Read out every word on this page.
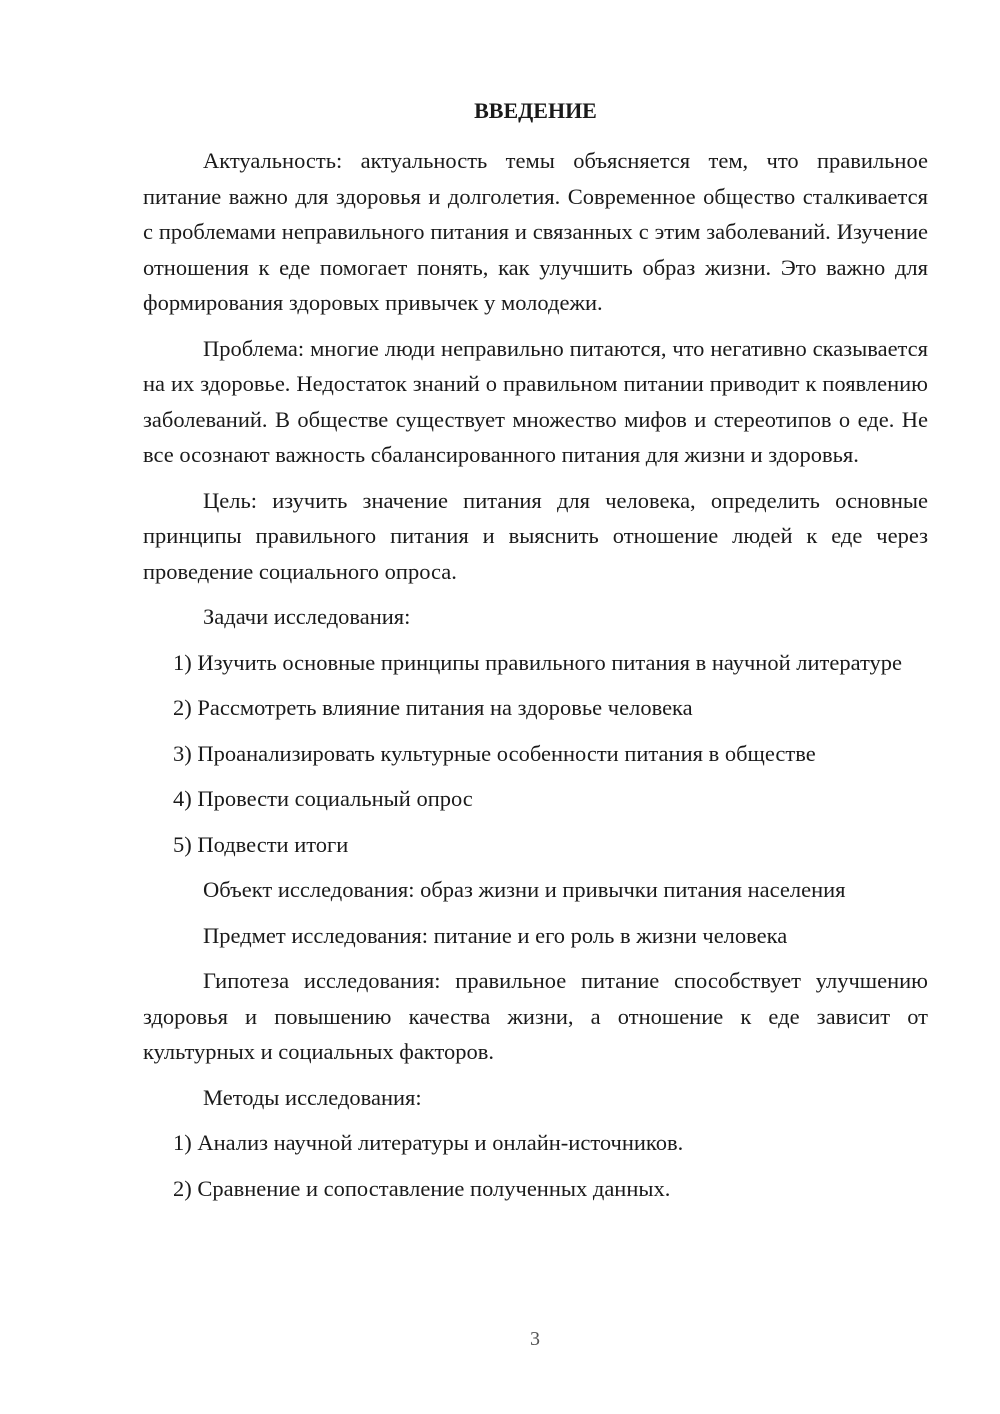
ВВЕДЕНИЕ

Актуальность: актуальность темы объясняется тем, что правильное питание важно для здоровья и долголетия. Современное общество сталкивается с проблемами неправильного питания и связанных с этим заболеваний. Изучение отношения к еде помогает понять, как улучшить образ жизни. Это важно для формирования здоровых привычек у молодежи.

Проблема: многие люди неправильно питаются, что негативно сказывается на их здоровье. Недостаток знаний о правильном питании приводит к появлению заболеваний. В обществе существует множество мифов и стереотипов о еде. Не все осознают важность сбалансированного питания для жизни и здоровья.

Цель: изучить значение питания для человека, определить основные принципы правильного питания и выяснить отношение людей к еде через проведение социального опроса.

Задачи исследования:

1) Изучить основные принципы правильного питания в научной литературе

2) Рассмотреть влияние питания на здоровье человека

3) Проанализировать культурные особенности питания в обществе

4) Провести социальный опрос

5) Подвести итоги

Объект исследования: образ жизни и привычки питания населения

Предмет исследования: питание и его роль в жизни человека

Гипотеза исследования: правильное питание способствует улучшению здоровья и повышению качества жизни, а отношение к еде зависит от культурных и социальных факторов.

Методы исследования:

1) Анализ научной литературы и онлайн-источников.

2) Сравнение и сопоставление полученных данных.

3
